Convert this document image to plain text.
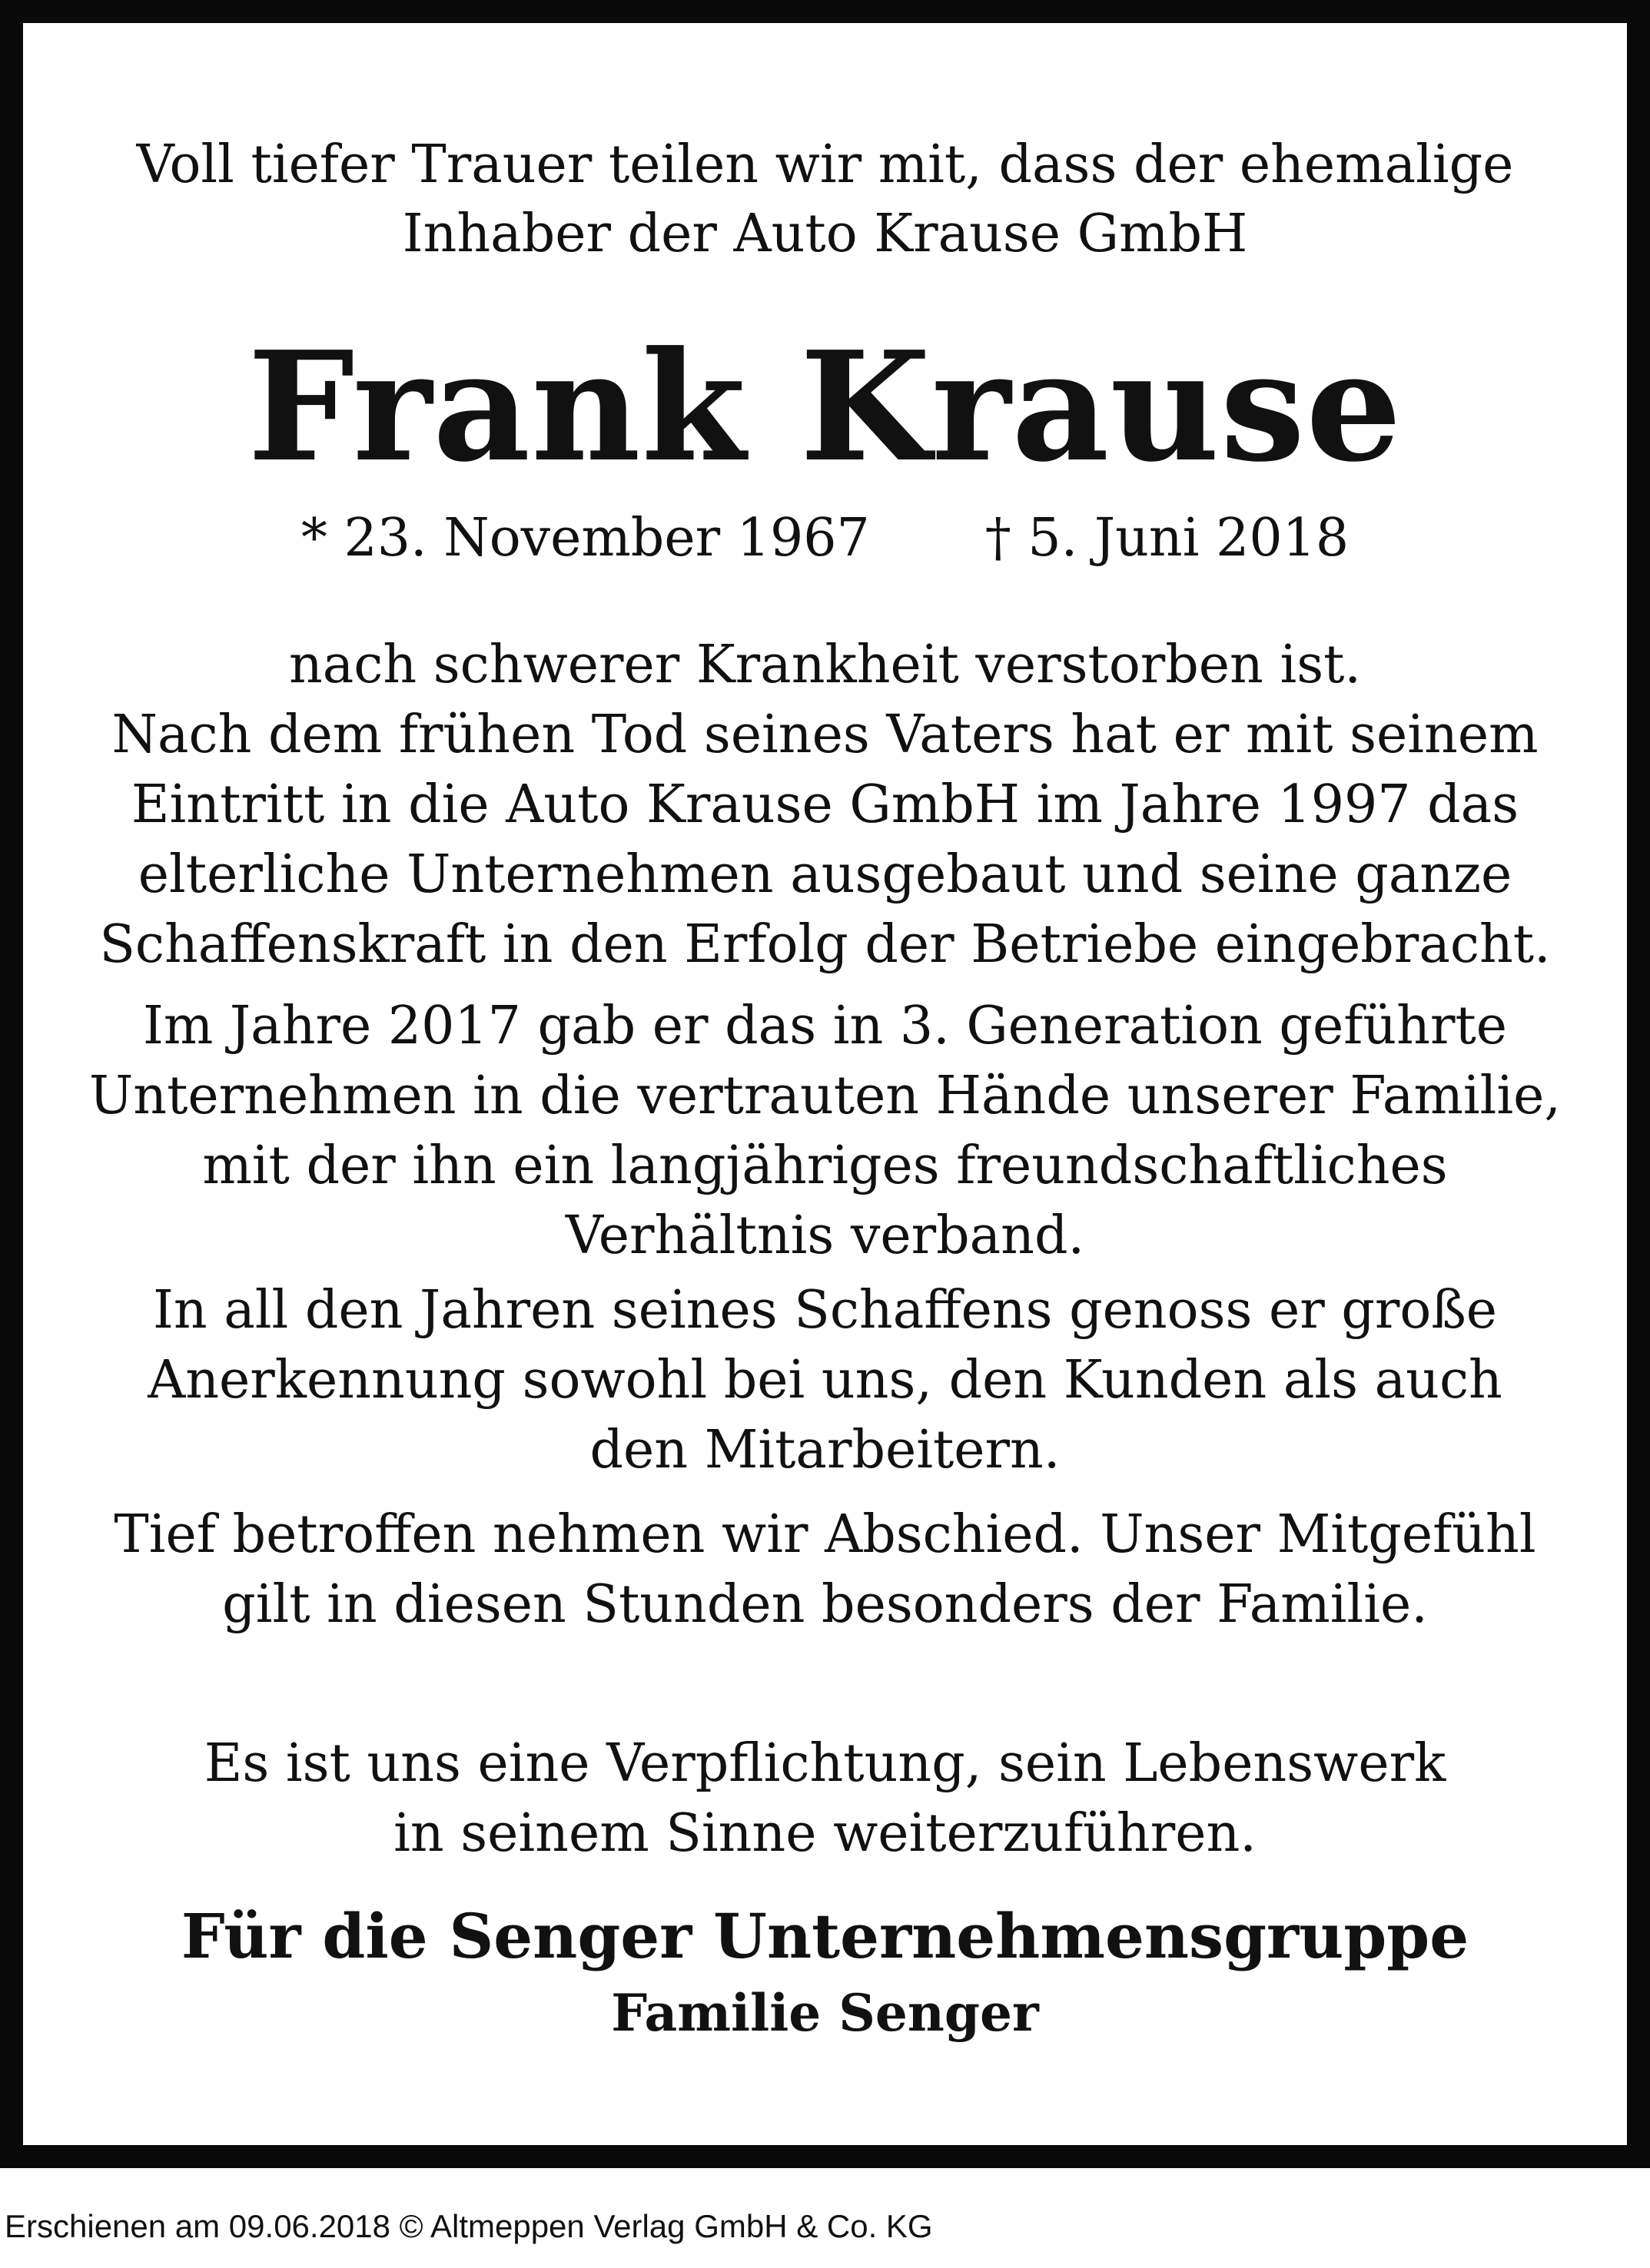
Voll tiefer Trauer teilen wir mit, dass der ehemalige
Inhaber der Auto Krause GmbH
Frank Krause
* 23. November 1967 † 5. Juni 2018
nach schwerer Krankheit verstorben ist.
Nach dem frühen Tod seines Vaters hat er mit seinem
Eintritt in die Auto Krause GmbH im Jahre 1997 das
elterliche Unternehmen ausgebaut und seine ganze
Schaffenskraft in den Erfolg der Betriebe eingebracht.
Im Jahre 2017 gab er das in 3. Generation geführte
Unternehmen in die vertrauten Hände unserer Familie,
mit der ihn ein langjähriges freundschaftliches
Verhältnis verband.
In all den Jahren seines Schaffens genoss er große
Anerkennung sowohl bei uns, den Kunden als auch
den Mitarbeitern.
Tief betroffen nehmen wir Abschied. Unser Mitgefühl
gilt in diesen Stunden besonders der Familie.
Es ist uns eine Verpflichtung, sein Lebenswerk
in seinem Sinne weiterzuführen.
Für die Senger Unternehmensgruppe
Familie Senger
Erschienen am 09.06.2018 © Altmeppen Verlag GmbH & Co. KG
